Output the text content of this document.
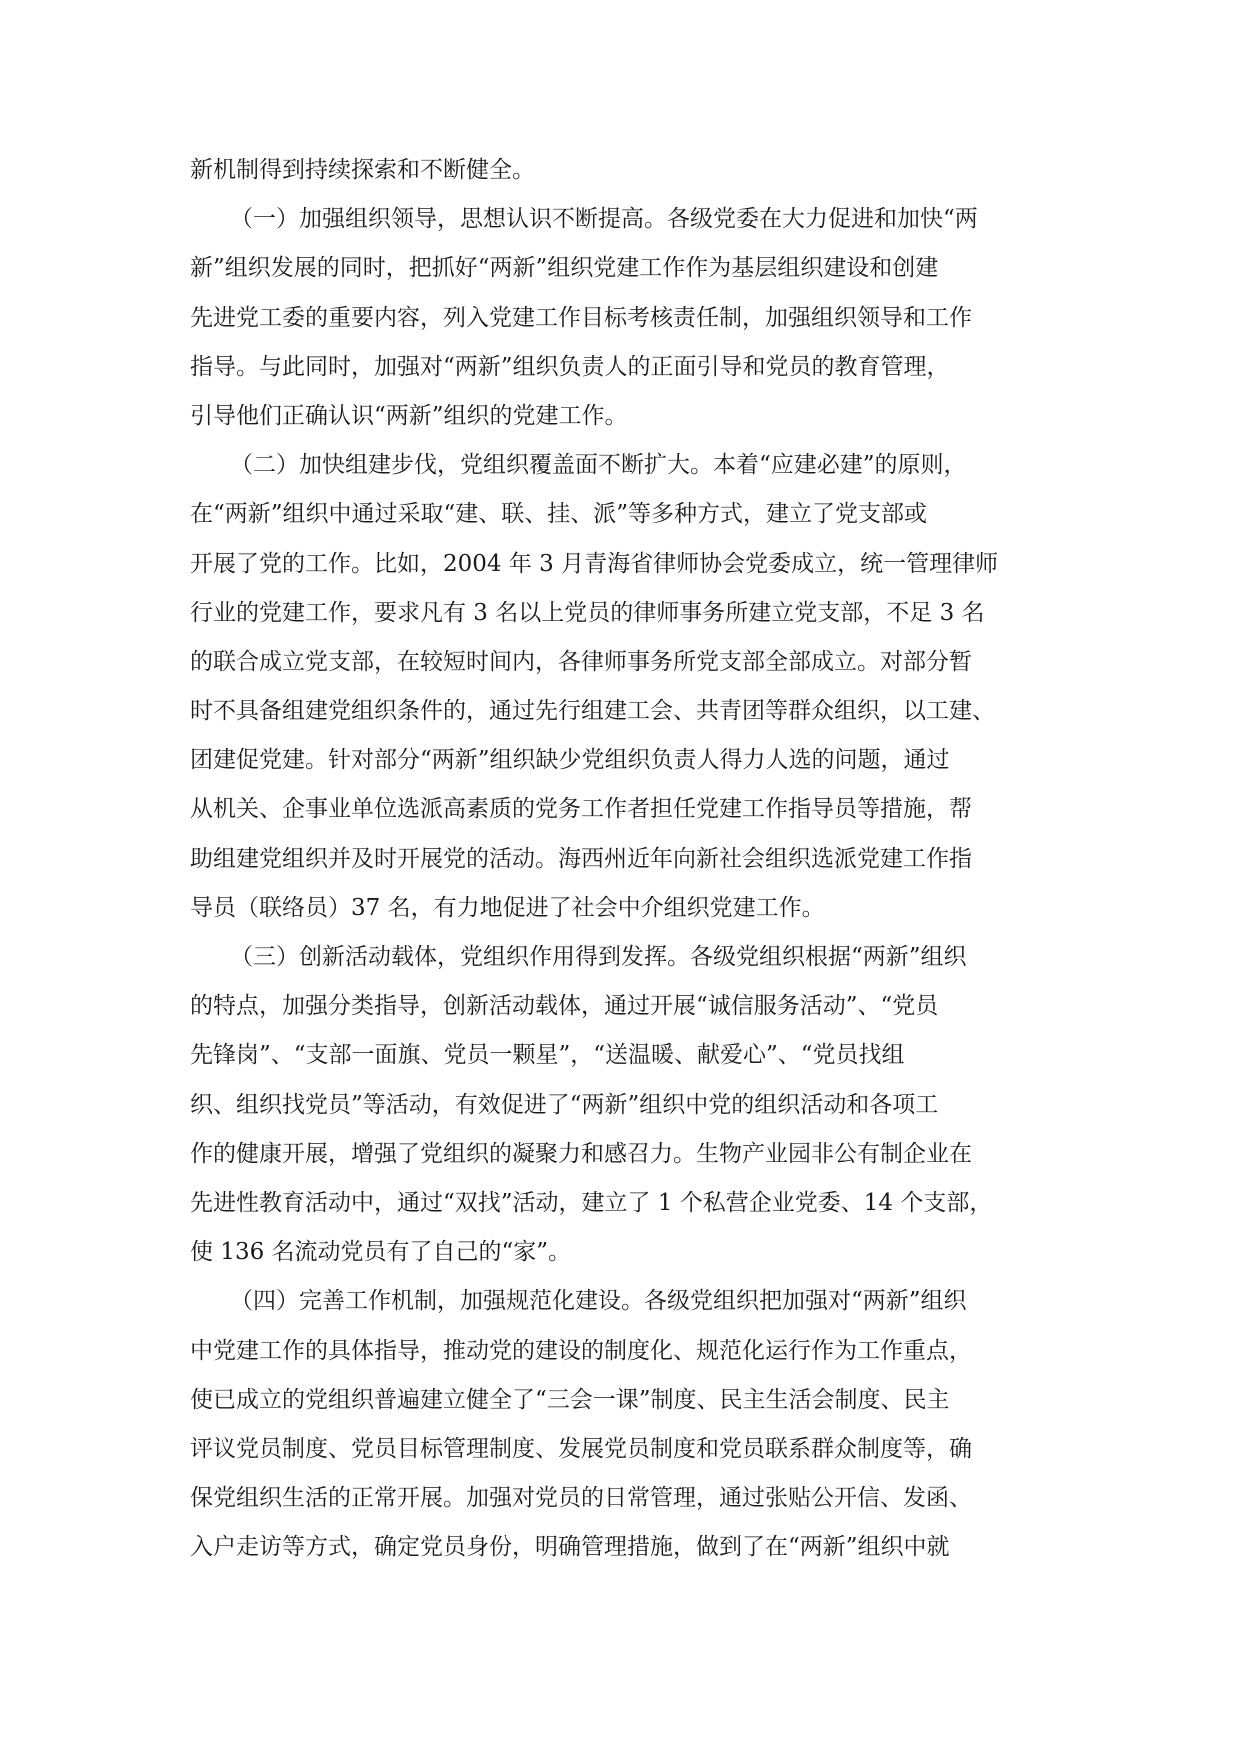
新机制得到持续探索和不断健全。
（一）加强组织领导，思想认识不断提高。各级党委在大力促进和加快“两
新”组织发展的同时，把抓好“两新”组织党建工作作为基层组织建设和创建
先进党工委的重要内容，列入党建工作目标考核责任制，加强组织领导和工作
指导。与此同时，加强对“两新”组织负责人的正面引导和党员的教育管理，
引导他们正确认识“两新”组织的党建工作。
（二）加快组建步伐，党组织覆盖面不断扩大。本着“应建必建”的原则，
在“两新”组织中通过采取“建、联、挂、派”等多种方式，建立了党支部或
开展了党的工作。比如，2004 年 3 月青海省律师协会党委成立，统一管理律师
行业的党建工作，要求凡有 3 名以上党员的律师事务所建立党支部，不足 3 名
的联合成立党支部，在较短时间内，各律师事务所党支部全部成立。对部分暂
时不具备组建党组织条件的，通过先行组建工会、共青团等群众组织，以工建、
团建促党建。针对部分“两新”组织缺少党组织负责人得力人选的问题，通过
从机关、企事业单位选派高素质的党务工作者担任党建工作指导员等措施，帮
助组建党组织并及时开展党的活动。海西州近年向新社会组织选派党建工作指
导员（联络员）37 名，有力地促进了社会中介组织党建工作。
（三）创新活动载体，党组织作用得到发挥。各级党组织根据“两新”组织
的特点，加强分类指导，创新活动载体，通过开展“诚信服务活动”、“党员
先锋岗”、“支部一面旗、党员一颗星”，“送温暖、献爱心”、“党员找组
织、组织找党员”等活动，有效促进了“两新”组织中党的组织活动和各项工
作的健康开展，增强了党组织的凝聚力和感召力。生物产业园非公有制企业在
先进性教育活动中，通过“双找”活动，建立了 1 个私营企业党委、14 个支部，
使 136 名流动党员有了自己的“家”。
（四）完善工作机制，加强规范化建设。各级党组织把加强对“两新”组织
中党建工作的具体指导，推动党的建设的制度化、规范化运行作为工作重点，
使已成立的党组织普遍建立健全了“三会一课”制度、民主生活会制度、民主
评议党员制度、党员目标管理制度、发展党员制度和党员联系群众制度等，确
保党组织生活的正常开展。加强对党员的日常管理，通过张贴公开信、发函、
入户走访等方式，确定党员身份，明确管理措施，做到了在“两新”组织中就
